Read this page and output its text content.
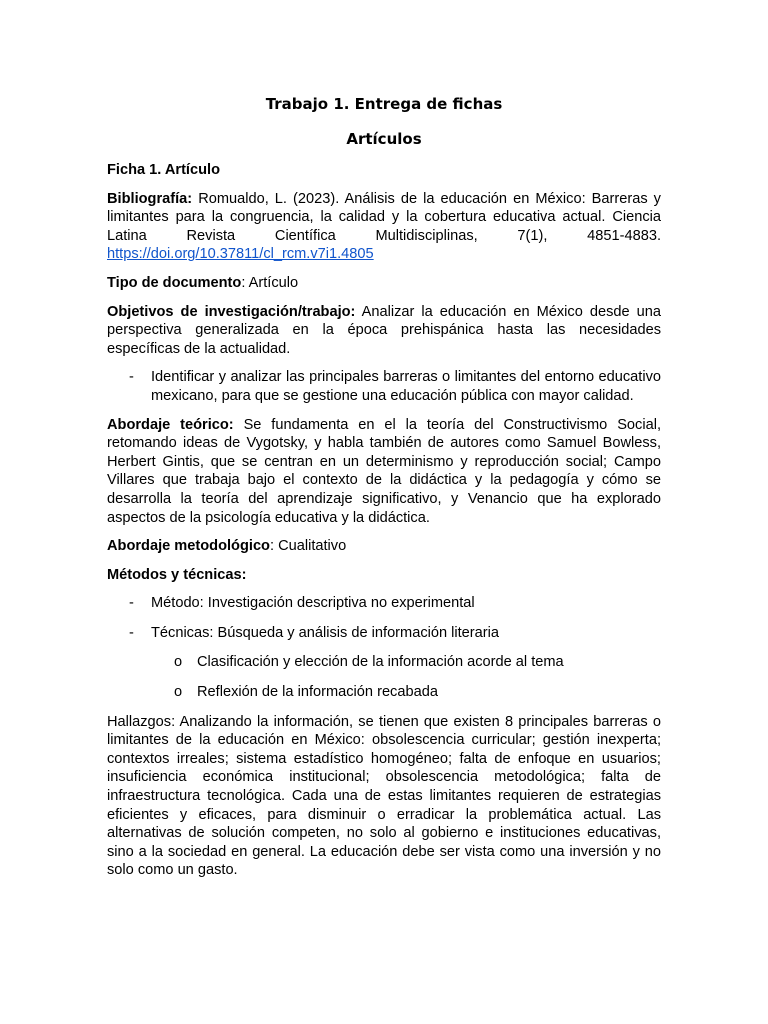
Trabajo 1. Entrega de fichas
Artículos

Ficha 1. Artículo

Bibliografía: Romualdo, L. (2023). Análisis de la educación en México: Barreras y limitantes para la congruencia, la calidad y la cobertura educativa actual. Ciencia Latina Revista Científica Multidisciplinas, 7(1), 4851-4883.

https://doi.org/10.37811/cl_rcm.v7i1.4805

Tipo de documento: Artículo

Objetivos de investigación/trabajo: Analizar la educación en México desde una perspectiva generalizada en la época prehispánica hasta las necesidades específicas de la actualidad.

- Identificar y analizar las principales barreras o limitantes del entorno educativo mexicano, para que se gestione una educación pública con mayor calidad.

Abordaje teórico: Se fundamenta en el la teoría del Constructivismo Social, retomando ideas de Vygotsky, y habla también de autores como Samuel Bowless, Herbert Gintis, que se centran en un determinismo y reproducción social; Campo Villares que trabaja bajo el contexto de la didáctica y la pedagogía y cómo se desarrolla la teoría del aprendizaje significativo, y Venancio que ha explorado aspectos de la psicología educativa y la didáctica.

Abordaje metodológico: Cualitativo

Métodos y técnicas:

- Método: Investigación descriptiva no experimental
- Técnicas: Búsqueda y análisis de información literaria
o Clasificación y elección de la información acorde al tema
o Reflexión de la información recabada

Hallazgos: Analizando la información, se tienen que existen 8 principales barreras o limitantes de la educación en México: obsolescencia curricular; gestión inexperta; contextos irreales; sistema estadístico homogéneo; falta de enfoque en usuarios; insuficiencia económica institucional; obsolescencia metodológica; falta de infraestructura tecnológica. Cada una de estas limitantes requieren de estrategias eficientes y eficaces, para disminuir o erradicar la problemática actual. Las alternativas de solución competen, no solo al gobierno e instituciones educativas, sino a la sociedad en general. La educación debe ser vista como una inversión y no solo como un gasto.
